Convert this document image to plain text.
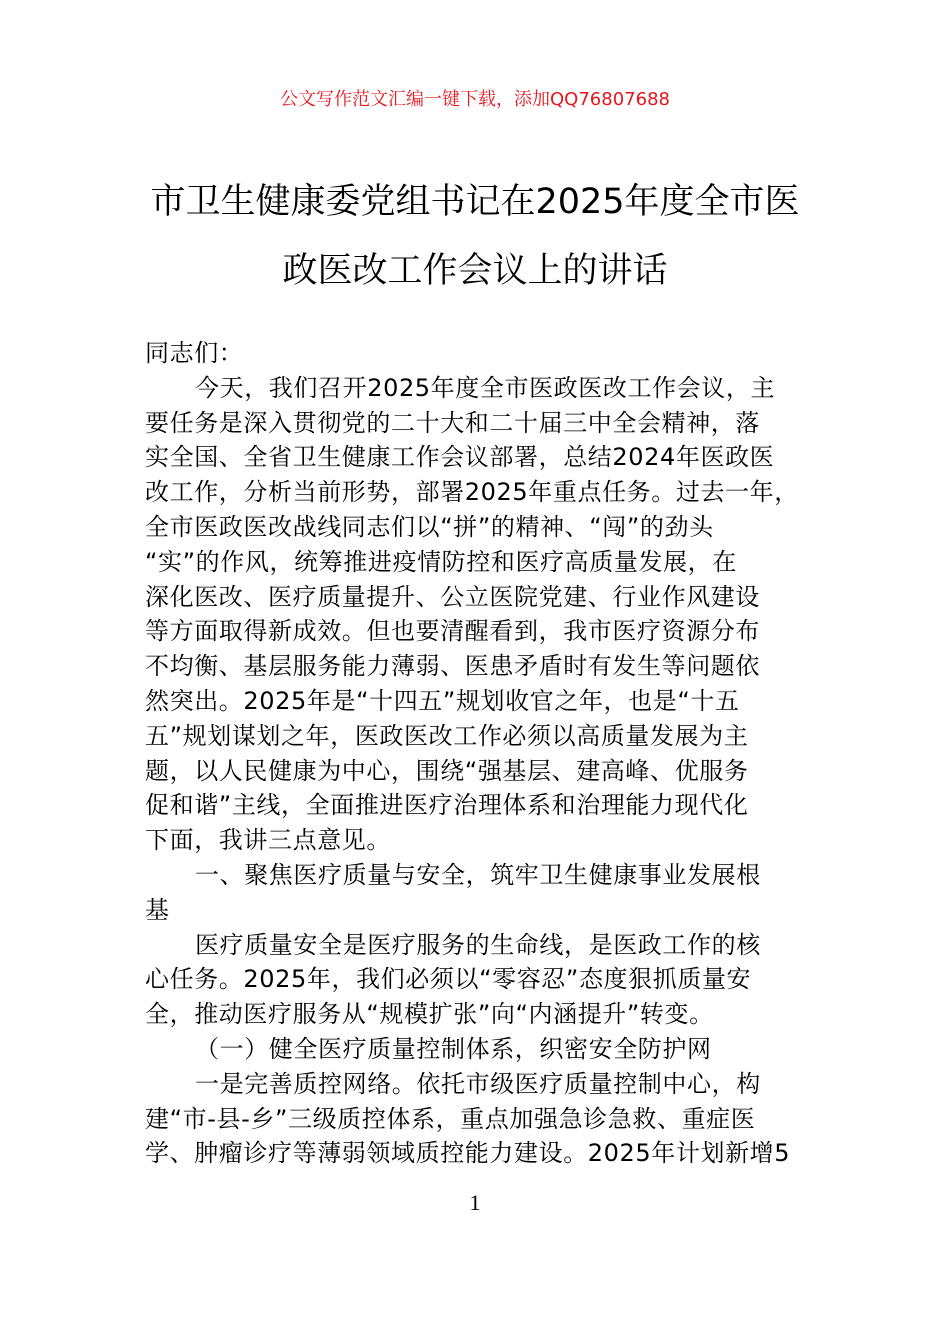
公文写作范文汇编一键下载，添加QQ76807688
市卫生健康委党组书记在2025年度全市医
政医改工作会议上的讲话
同志们：
今天，我们召开2025年度全市医政医改工作会议，主
要任务是深入贯彻党的二十大和二十届三中全会精神，落
实全国、全省卫生健康工作会议部署，总结2024年医政医
改工作，分析当前形势，部署2025年重点任务。过去一年，
全市医政医改战线同志们以“拼”的精神、“闯”的劲头
“实”的作风，统筹推进疫情防控和医疗高质量发展，在
深化医改、医疗质量提升、公立医院党建、行业作风建设
等方面取得新成效。但也要清醒看到，我市医疗资源分布
不均衡、基层服务能力薄弱、医患矛盾时有发生等问题依
然突出。2025年是“十四五”规划收官之年，也是“十五
五”规划谋划之年，医政医改工作必须以高质量发展为主
题，以人民健康为中心，围绕“强基层、建高峰、优服务
促和谐”主线，全面推进医疗治理体系和治理能力现代化
下面，我讲三点意见。
一、聚焦医疗质量与安全，筑牢卫生健康事业发展根
基
医疗质量安全是医疗服务的生命线，是医政工作的核
心任务。2025年，我们必须以“零容忍”态度狠抓质量安
全，推动医疗服务从“规模扩张”向“内涵提升”转变。
（一）健全医疗质量控制体系，织密安全防护网
一是完善质控网络。依托市级医疗质量控制中心，构
建“市-县-乡”三级质控体系，重点加强急诊急救、重症医
学、肿瘤诊疗等薄弱领域质控能力建设。2025年计划新增5
1
